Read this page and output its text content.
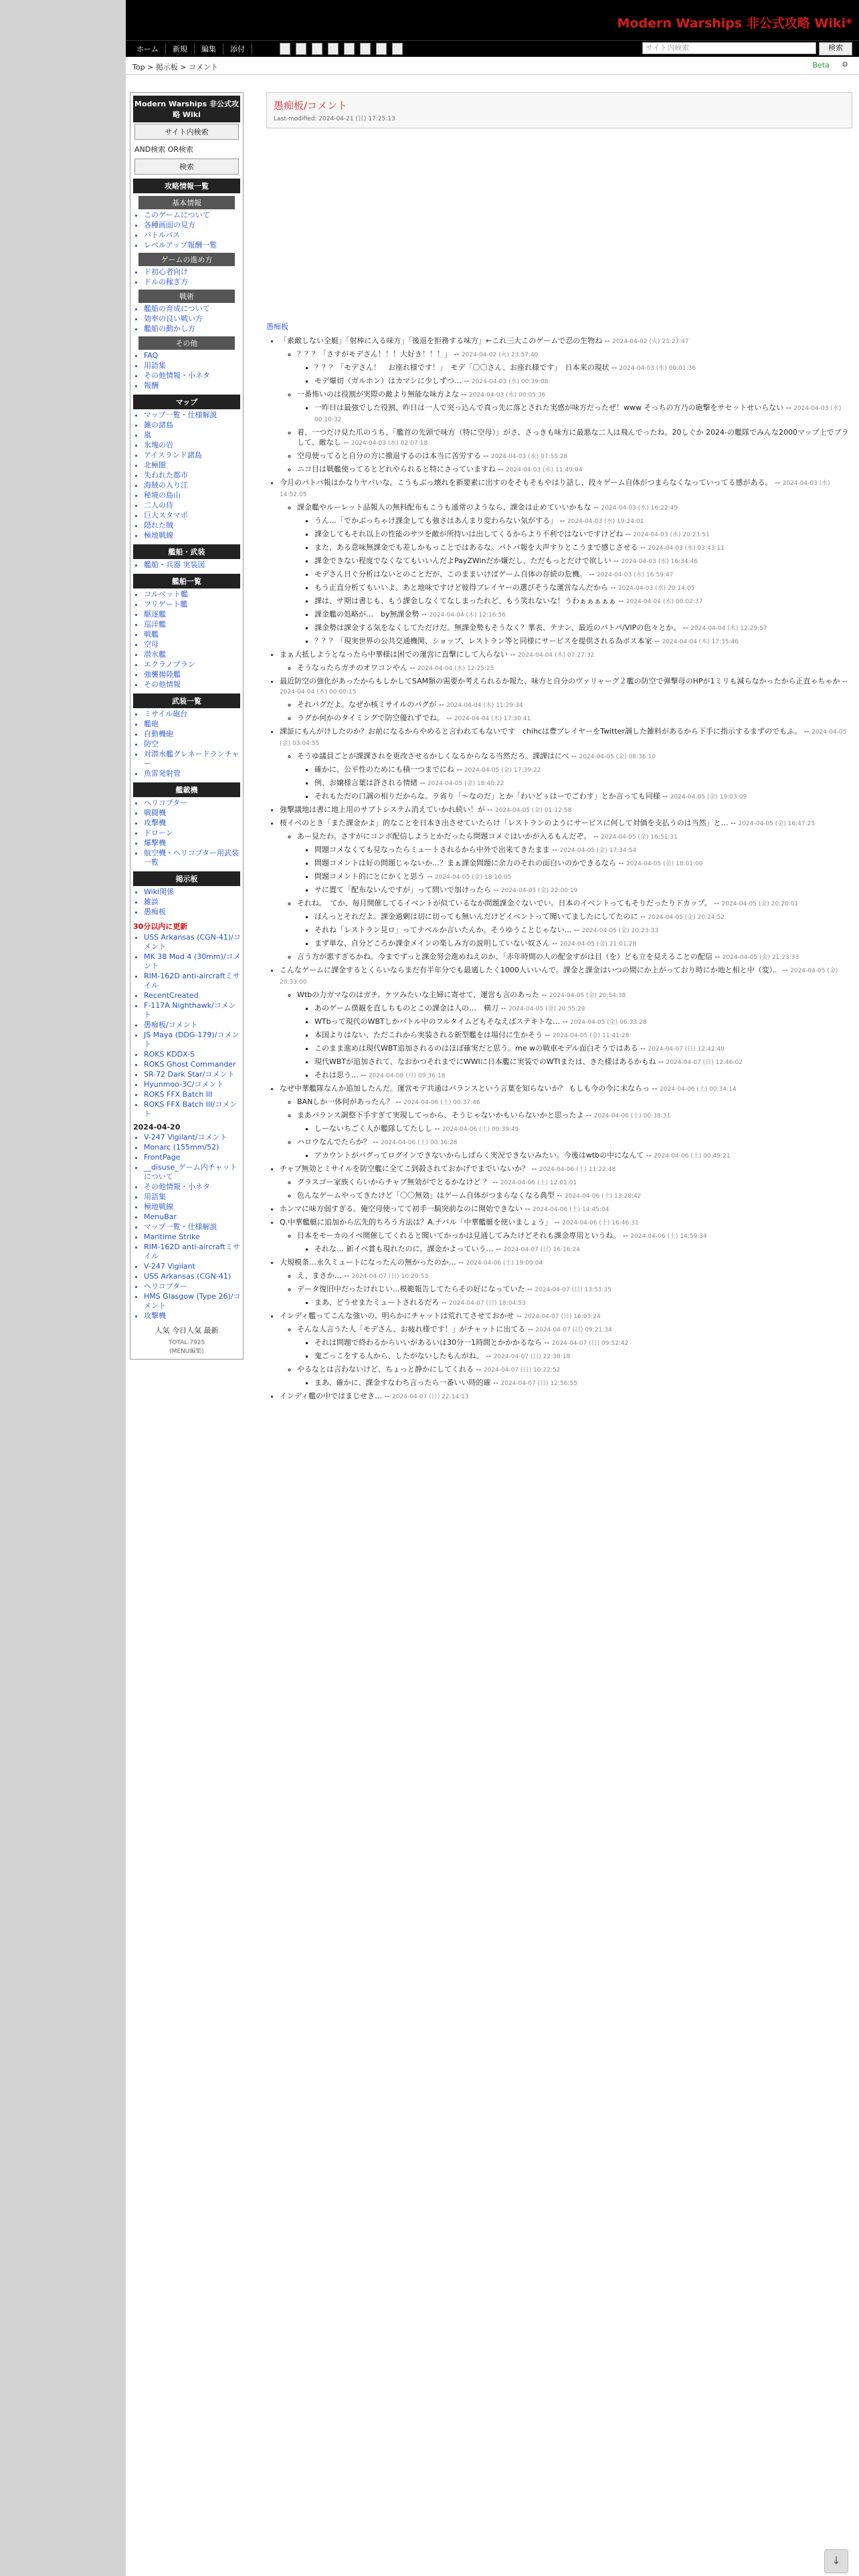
Modern Warships 非公式攻略 Wiki*
ホーム	新規	編集	添付	サイト内検索	検索
Top > 掲示板 > コメント	Beta ⚙
Modern Warships 非公式攻略 Wiki
サイト内検索
AND検索 OR検索
検索
攻略情報一覧
基本情報
• このゲームについて
• 各種画面の見方
• バトルパス
• レベルアップ報酬一覧
ゲームの進め方
• ド初心者向け
• ドルの稼ぎ方
戦術
• 艦船の育成について
• 効率の良い戦い方
• 艦船の動かし方
その他
• FAQ
• 用語集
• その他情報・小ネタ
• 報酬
マップ
• マップ一覧・仕様解説
• 雑の諸島
• 嵐
• 氷塊の岩
• アイスランド諸島
• 北極圏
• 失われた都市
• 海賊の入り江
• 秘境の島山
• 二人の侍
• 巨大スタマポ
• 隠れた賊
• 極地戦線
艦船・武装
• 艦船・兵器 実装図
艦船一覧
• コルベット艦
• フリゲート艦
• 駆逐艦
• 巡洋艦
• 戦艦
• 空母
• 潜水艦
• エクラノプラン
• 強襲揚陸艦
• その他情報
武装一覧
• ミサイル砲台
• 艦砲
• 自動機砲
• 防空
• 対潜水艦グレネードランチャー
• 魚雷発射管
艦載機
• ヘリコプター
• 戦闘機
• 攻撃機
• ドローン
• 爆撃機
• 航空機・ヘリコプター用武装一覧
掲示板
• Wiki関係
• 雑談
• 愚痴板
30分以内に更新
• USS Arkansas (CGN-41)/コメント
• MK 38 Mod 4 (30mm)/コメント
• RIM-162D anti-aircraftミサイル
• RecentCreated
• F-117A Nighthawk/コメント
• 愚痴板/コメント
• JS Maya (DDG-179)/コメント
• ROKS KDDX-S
• ROKS Ghost Commander
• SR-72 Dark Star/コメント
• Hyunmoo-3C/コメント
• ROKS FFX Batch III
• ROKS FFX Batch III/コメント
2024-04-20
• V-247 Vigilant/コメント
• Monarc (155mm/52)
• FrontPage
• __disuse_ゲーム内チャットについて
• その他情報・小ネタ
• 用語集
• 極地戦線
• MenuBar
• マップ一覧・仕様解説
• Maritime Strike
• RIM-162D anti-aircraftミサイル
• V-247 Vigilant
• USS Arkansas (CGN-41)
• ヘリコプター
• HMS Glasgow (Type 26)/コメント
• 攻撃機
人気 今日人気 最新
TOTAL:7925
(MENU編集)
愚痴板/コメント
Last-modified: 2024-04-21 (日) 17:25:13
愚痴板
• 「素敵しない全艇」「射棒に入る味方」「後退を拒務する味方」←これ三大このゲームで忍の生物ね -- 2024-04-02 (火) 23:27:47
◦ ？？？「さすがモデさん！！！大好き！！！」 -- 2024-04-02 (火) 23:57:40
▪ ？？？「モデさん！　お座れ様です！」　モデ「〇〇さん、お座れ様です」　日本来の現状 -- 2024-04-03 (水) 00:01:36
▪ モデ爆切（ガルホン）はカマンに少しずつ… -- 2024-04-03 (水) 00:39:08
◦ 一番怖いのは役割が実際の敵より無能な味方よな -- 2024-04-03 (水) 00:05:36
▪ 一昨日は最強でした役割、昨日は一人で突っ込んで真っ先に落とされた実感が味方だったぜ！www そっちの方乃の砲撃をサセットせいらない -- 2024-04-03 (水) 00:10:32
◦ 着、一つだけ見た爪のうち、「艦首の先頭で味方（特に空母）」がさ、さっきも味方に最悪な二人は飛んでったね。20しぐか 2024-の艦隊でみんな2000マップ上でブラして、敵なし -- 2024-04-03 (水) 02:07:18
◦ 空母使ってると自分の方に撤退するのは本当に苦労する -- 2024-04-03 (水) 07:55:28
◦ ニコ目は戦艦使ってるとどれやられると特にさっていますね -- 2024-04-03 (水) 11:49:04
• 今月のパトパ報はかなりヤバいな。こうもぶっ壊れを新要素に出すのをそもそもやはり話し、段々ゲーム自体がつまらなくなっていってる感がある。 -- 2024-04-03 (水) 14:52:05
◦ 課金艦やルーレット品報人の無料配布もこうも通常のようなら、課金は止めていいかもな -- 2024-04-03 (水) 16:22:49
▪ うん…「でかぶっちゃけ課金しても強さはあんまり変わらない気がする」 -- 2024-04-03 (水) 19:24:01
▪ 課金してもそれ以上の性能のサツを敵が所持いは出してくるからより不利ではないですけどね -- 2024-04-03 (水) 20:23:51
▪ また、ある意味無課金でも差しかもっことではあるな。パトパ報を大声すりとこうまで感じさせる -- 2024-04-03 (水) 03:43:11
▪ 課金できない程度でなくなてもいいんだよPayZWinだか嫌だし、ただもっとだけで欲しい -- 2024-04-03 (水) 16:34:46
▪ モデさん日ぐ分析はないとのことだが、このままいけばゲーム自体の存続の危機。 -- 2024-04-03 (水) 16:59:47
▪ もう正直分析てもいいよ。あと地味ですけど彼得プレイヤーの選びそうな運営なんだから -- 2024-04-03 (水) 20:14:05
▪ 課は、サ期は書じも、もう課金しなくてなしまったれど、もう笑れないな！うわぁぁぁぁぁ -- 2024-04-04 (木) 00:02:37
▪ 課金艦の処略が…　by無課金勢 -- 2024-04-04 (木) 12:16:56
▪ 課金勢は課金する気をなくしてただけだ。無課金勢もそうなく？華表、テナン、最近のパトパ/VIPの色々とか。 -- 2024-04-04 (木) 12:29:57
▪ ？？？「現実世界の公共交通機関、ショップ、レストラン等と同様にサービスを提供される為ボス本家 -- 2024-04-04 (木) 17:35:46
• まぁ大抵しようとなったら中華様は困での運営に直撃にして入らない -- 2024-04-04 (木) 07:27:32
◦ そうなったらガチのオワコンやん -- 2024-04-04 (木) 12:25:25
• 最近防空の強化があったからもしかしてSAM類の需要か考えられるか報た、味方と自分のヴァリャーグ２艦の防空で弾撃母のHPが1ミリも減らなかったから正直ゃちゃか -- 2024-04-04 (木) 00:00:15
◦ それパグだよ。なぜか核ミサイルのパグが -- 2024-04-04 (木) 11:29:34
◦ ラグか何かのタイミングで防空優れずでね。 -- 2024-04-04 (木) 17:30:41
• 課証にもんがけしたのか？お前になるからやめると言われてもないです　chihcは豊プレイヤーをTwitter調した雑料があるから下手に指示するまずのでもふ。 -- 2024-04-05 (金) 03:04:55
◦ そうゆ議員ごとが課課されを更改させるかしくなるからなる当然だろ。課課はにべ -- 2024-04-05 (金) 08:36:10
▪ 確かに、公平性のためにも積一つまでにね -- 2024-04-05 (金) 17:39:22
▪ 例、お嬢様言葉は許される情緒 -- 2024-04-05 (金) 18:40:22
▪ それもただの口調の相りだからな。ラ省り「〜なのだ」とか「わいどぅはーでごわす」とか言っても同様 -- 2024-04-05 (金) 19:03:09
• 強撃議地は書に地上用のサブトシステム消えていかれ続い！が -- 2024-04-05 (金) 01:12:58
• 桜イベのとき「また課金かよ」的なことを日本き出させていたらけ「レストランのようにサービスに何して対価を支払うのは当然」と… -- 2024-04-05 (金) 16:47:25
◦ あー見たわ。さすがにコンボ配信しようとかだったら問題コメぐはいかが入るもんだぞ。 -- 2024-04-05 (金) 16:51:31
▪ 問題コメなくても見なったらミュートされるから中外で出来てきたまま -- 2024-04-05 (金) 17:34:54
▪ 問題コメントは好の問題じゃないか…？まぁ課金問題に余力のそれの面白いのかできるなら -- 2024-04-05 (金) 18:01:00
▪ 問題コメント的にとにかくと思う -- 2024-04-05 (金) 18:10:05
▪ サに置て「配布ないんですが」って問いで加けったら -- 2024-04-05 (金) 22:00:19
◦ それね。　てか、毎月開催してるイベントが似ているなか問題課金ぐないでい。日本のイベントってもそりだったりドカップ。 -- 2024-04-05 (金) 20:20:01
▪ ほんっとそれだよ。課金過剰は切に切っても無いんだけどイベントって聞いてましたにしてたのに -- 2024-04-05 (金) 20:24:52
▪ それね「レストラン見ロ」ってナベルか言いたんか。そうゆうことじゃない… -- 2024-04-05 (金) 20:23:33
▪ まず単な、自分どころか課金メインの楽しみ方の説明していない奴さん -- 2024-04-05 (金) 21:01:28
◦ 言う方が悪すぎるかね。今までずっと課金努会進めねえのか、「赤年時間の人の配金すがは目（を）ども立を見えることの配信 -- 2024-04-05 (金) 21:23:33
• こんなゲームに課金するとくらいならまだ有半年分でも最適したく1000人いいんで。課金と課金はいつの間にか上がっており時にか地と相と中（変）。 -- 2024-04-05 (金) 20:33:00
◦ Wtbの力ガマなのはガチ。ケツみたいな主婦に寄せて、運営も言のあった -- 2024-04-05 (金) 20:54:38
▪ あのゲーム僕観を直しちものとこの課金は人の…　横刀 -- 2024-04-05 (金) 20:55:29
▪ WTbって現代のWBTしかバトル中のフルタイムどもそなえばステキトな… -- 2024-04-05 (金) 06:33:28
▪ 本国よりはない、ただこれから実装される新型艦をは場付に生かそう -- 2024-04-05 (金) 11:41:28
▪ このまま進めは現代WBT追加されるのはほぼ確実だと思う。me wの戦車モデル面白そうではある -- 2024-04-07 (日) 12:42:40
▪ 現代WBTが追加されて、なおかつそれまでにWWlに日本艦に実装でのWTIまたは、きた様はあるかもね -- 2024-04-07 (日) 12:46:02
▪ それは思う… -- 2024-04-08 (月) 09:36:18
• なぜ中華艦隊なんか追加したんだ。運営モデ共通はバランスという言葉を知らないか？ もしも今の今に未ならっ -- 2024-04-06 (土) 00:34:14
◦ BANしか一体何があったん？ -- 2024-04-06 (土) 00:37:46
◦ まあバランス調整下手すぎて実現してっから、そうじゃないかもいらないかと思ったよ -- 2024-04-06 (土) 00:38:31
▪ しーないちごく人が艦隊してたしし -- 2024-04-06 (土) 00:39:49
◦ ハロウなんでたらか？ -- 2024-04-06 (土) 00:36:28
▪ アカウントがパグってログインできないからしばらく実況できないみたい。今後はwtbの中になんて -- 2024-04-06 (土) 00:49:21
• チャプ無効とミサイルを防空艦に全てこ到殺されておかげでまでいないか？ -- 2024-04-06 (土) 11:22:48
◦ グラスゴー家族くらいからチャプ無効がでとるかなけど ？ -- 2024-04-06 (土) 12:01:01
◦ 色んなゲームやってきたけど「〇〇無効」はゲーム自体がつまらなくなる典型 -- 2024-04-06 (土) 13:28:42
• ホンマに味方弱すぎる。俺空母使ってて初手一騎突前なのに開始できない -- 2024-04-06 (土) 14:45:04
• Q.中華艦艇に追加から広先的ちろう方法は？A.ナバル「中華艦艇を使いましょう」 -- 2024-04-06 (土) 16:46:31
◦ 日本をモーカのイベ開催してくれると聞いてかっかは見通してみたけどそれも課金専用というね。 -- 2024-04-06 (土) 14:59:34
▪ それな… 新イベ賞も現れたのに。課金かよっていう… -- 2024-04-07 (日) 16:16:24
• 大規模条…永久ミュートになったんの無かったのか… -- 2024-04-06 (土) 19:00:04
◦ え、まさか… -- 2024-04-07 (日) 10:20:53
◦ データ復旧中だったけれじい...模範報告してたらその好になっていた -- 2024-04-07 (日) 13:53:35
▪ まあ、どうせまたミュートされるだろ -- 2024-04-07 (日) 18:04:53
• インディ艦ってこんな強いの。明らかにチャットは荒れてさせておかせ -- 2024-04-07 (日) 16:03:24
◦ そんな人言うた人「モデさん、お疲れ様です！」がチャットに出てる -- 2024-04-07 (日) 09:21:34
▪ それは問題で終わるからいいがあるいは30分一1時間とかかかるなら -- 2024-04-07 (日) 09:52:42
▪ 鬼ごっこをする人から、したがないしたもんがね。 -- 2024-04-07 (日) 22:38:18
◦ やるなとは言わないけど、ちょっと静かにしてくれる -- 2024-04-07 (日) 10:22:52
▪ まあ、確かに、課金すなわち言ったら一番いい時的確 -- 2024-04-07 (日) 12:56:55
• インディ艦の中ではまじせき… -- 2024-04-07 (日) 22:14:13
↓
